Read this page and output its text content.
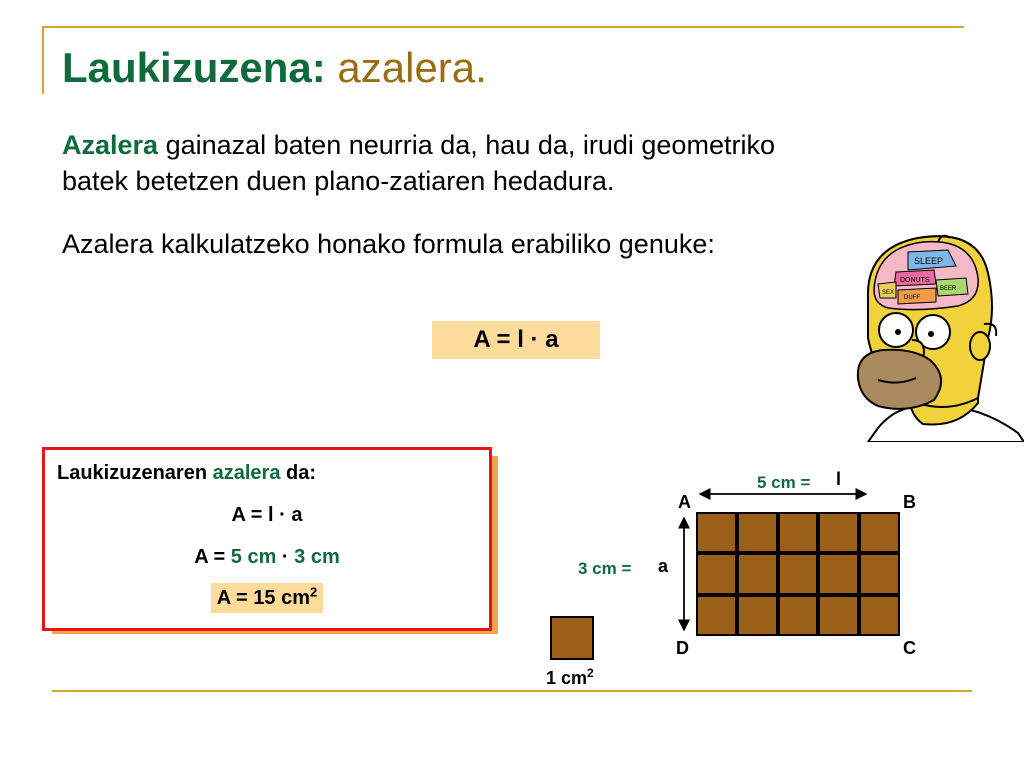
Laukizuzena: azalera.
Azalera gainazal baten neurria da, hau da, irudi geometriko
batek betetzen duen plano-zatiaren hedadura.
Azalera kalkulatzeko honako formula erabiliko genuke:
A = l · a
SLEEP
DONUTS
BEER
SEX
DUFF
Laukizuzenaren azalera da:
A = l · a
A = 5 cm · 3 cm
A = 15 $cm^2$
5 cm = l
3 cm = a
A	B
C
D
1 $cm^2$
